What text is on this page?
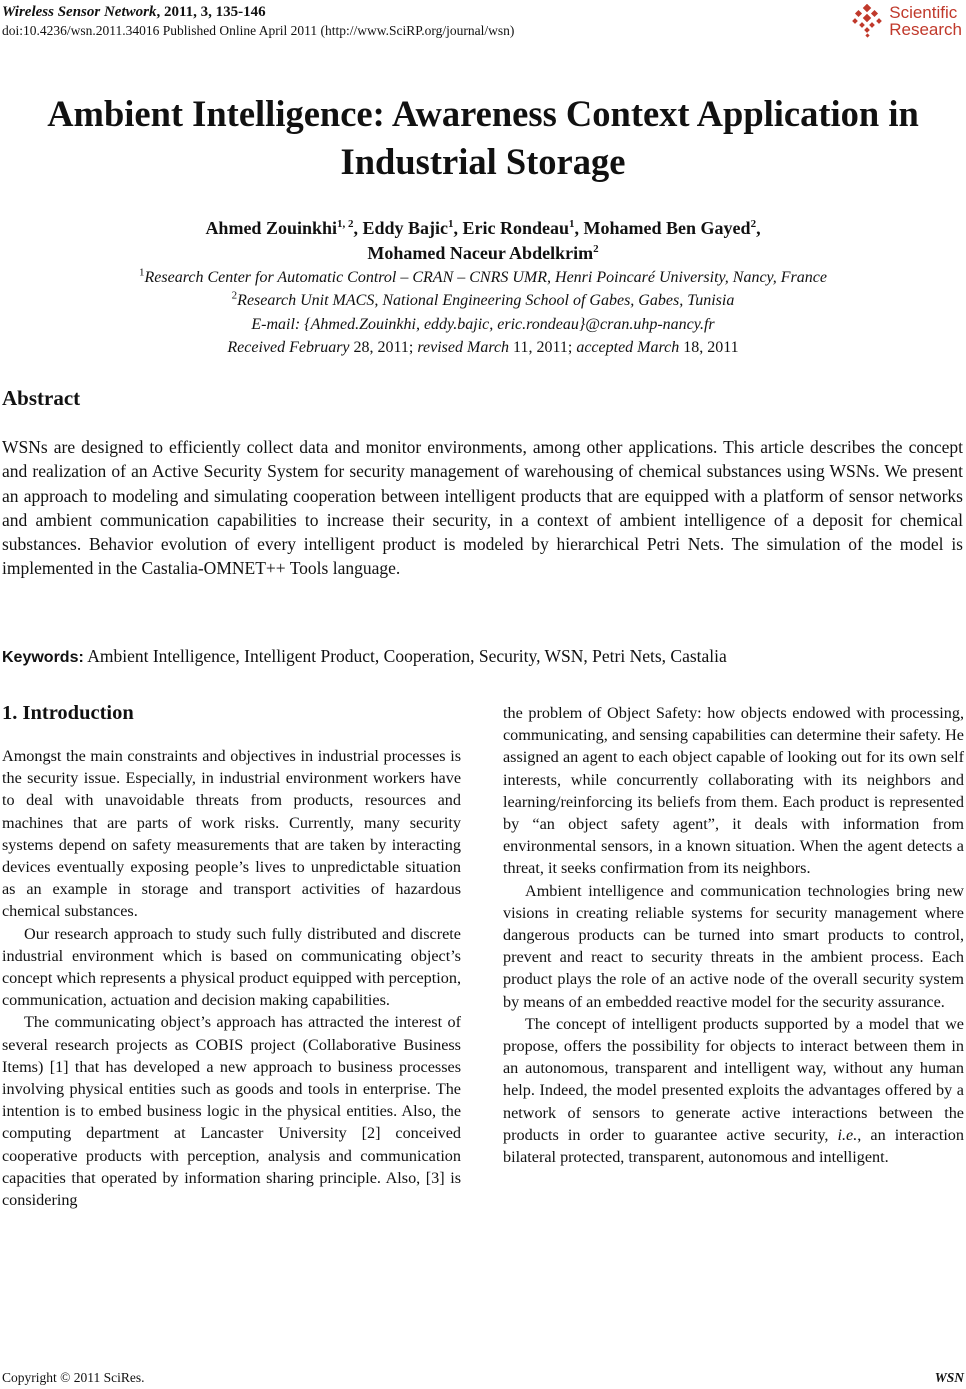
Wireless Sensor Network, 2011, 3, 135-146
doi:10.4236/wsn.2011.34016 Published Online April 2011 (http://www.SciRP.org/journal/wsn)
Scientific
Research
Ambient Intelligence: Awareness Context Application in
Industrial Storage
Ahmed Zouinkhi$^{1, 2}$, Eddy Bajic$^1$, Eric Rondeau$^1$, Mohamed Ben Gayed$^2$,
Mohamed Naceur Abdelkrim$^2$
$^1$Research Center for Automatic Control – CRAN – CNRS UMR, Henri Poincaré University, Nancy, France
$^2$Research Unit MACS, National Engineering School of Gabes, Gabes, Tunisia
E-mail: {Ahmed.Zouinkhi, eddy.bajic, eric.rondeau}@cran.uhp-nancy.fr
Received February 28, 2011; revised March 11, 2011; accepted March 18, 2011
Abstract
WSNs are designed to efficiently collect data and monitor environments, among other applications. This article describes the concept and realization of an Active Security System for security management of warehousing of chemical substances using WSNs. We present an approach to modeling and simulating cooperation between intelligent products that are equipped with a platform of sensor networks and ambient communication capabilities to increase their security, in a context of ambient intelligence of a deposit for chemical substances. Behavior evolution of every intelligent product is modeled by hierarchical Petri Nets. The simulation of the model is implemented in the Castalia-OMNET++ Tools language.
Keywords: Ambient Intelligence, Intelligent Product, Cooperation, Security, WSN, Petri Nets, Castalia
1. Introduction

Amongst the main constraints and objectives in industrial processes is the security issue. Especially, in industrial environment workers have to deal with unavoidable threats from products, resources and machines that are parts of work risks. Currently, many security systems depend on safety measurements that are taken by interacting devices eventually exposing people’s lives to unpredictable situation as an example in storage and transport activities of hazardous chemical substances.

Our research approach to study such fully distributed and discrete industrial environment which is based on communicating object’s concept which represents a physical product equipped with perception, communication, actuation and decision making capabilities.

The communicating object’s approach has attracted the interest of several research projects as COBIS project (Collaborative Business Items) [1] that has developed a new approach to business processes involving physical entities such as goods and tools in enterprise. The intention is to embed business logic in the physical entities. Also, the computing department at Lancaster University [2] conceived cooperative products with perception, analysis and communication capacities that operated by information sharing principle. Also, [3] is considering

the problem of Object Safety: how objects endowed with processing, communicating, and sensing capabilities can determine their safety. He assigned an agent to each object capable of looking out for its own self interests, while concurrently collaborating with its neighbors and learning/reinforcing its beliefs from them. Each product is represented by “an object safety agent”, it deals with information from environmental sensors, in a known situation. When the agent detects a threat, it seeks confirmation from its neighbors.

Ambient intelligence and communication technologies bring new visions in creating reliable systems for security management where dangerous products can be turned into smart products to control, prevent and react to security threats in the ambient process. Each product plays the role of an active node of the overall security system by means of an embedded reactive model for the security assurance.

The concept of intelligent products supported by a model that we propose, offers the possibility for objects to interact between them in an autonomous, transparent and intelligent way, without any human help. Indeed, the model presented exploits the advantages offered by a network of sensors to generate active interactions between the products in order to guarantee active security, i.e., an interaction bilateral protected, transparent, autonomous and intelligent.

Copyright © 2011 SciRes.	WSN
